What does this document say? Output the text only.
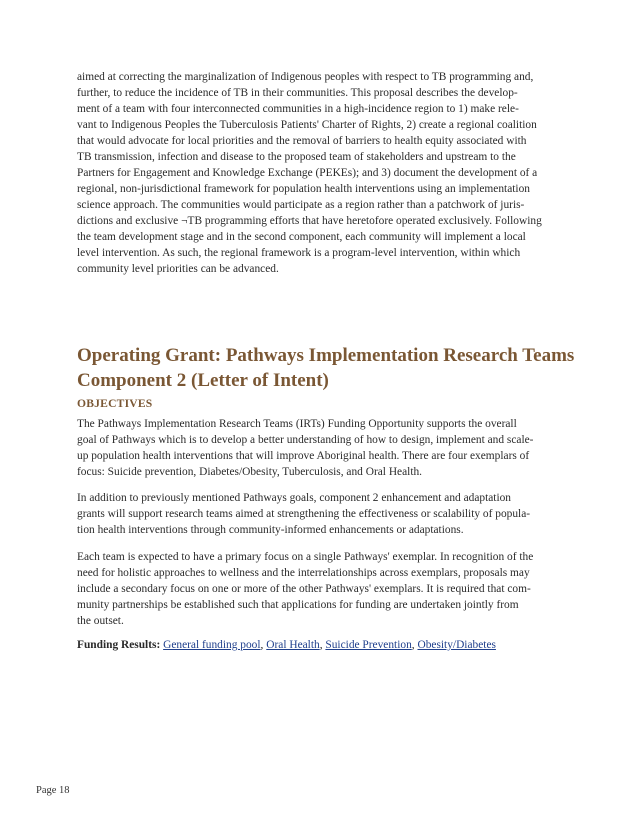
aimed at correcting the marginalization of Indigenous peoples with respect to TB programming and,
further, to reduce the incidence of TB in their communities. This proposal describes the develop-
ment of a team with four interconnected communities in a high-incidence region to 1) make rele-
vant to Indigenous Peoples the Tuberculosis Patients' Charter of Rights, 2) create a regional coalition
that would advocate for local priorities and the removal of barriers to health equity associated with
TB transmission, infection and disease to the proposed team of stakeholders and upstream to the
Partners for Engagement and Knowledge Exchange (PEKEs); and 3) document the development of a
regional, non-jurisdictional framework for population health interventions using an implementation
science approach. The communities would participate as a region rather than a patchwork of juris-
dictions and exclusive ¬TB programming efforts that have heretofore operated exclusively. Following
the team development stage and in the second component, each community will implement a local
level intervention. As such, the regional framework is a program-level intervention, within which
community level priorities can be advanced.
Operating Grant: Pathways Implementation Research Teams
Component 2 (Letter of Intent)
OBJECTIVES
The Pathways Implementation Research Teams (IRTs) Funding Opportunity supports the overall
goal of Pathways which is to develop a better understanding of how to design, implement and scale-
up population health interventions that will improve Aboriginal health. There are four exemplars of
focus: Suicide prevention, Diabetes/Obesity, Tuberculosis, and Oral Health.
In addition to previously mentioned Pathways goals, component 2 enhancement and adaptation
grants will support research teams aimed at strengthening the effectiveness or scalability of popula-
tion health interventions through community-informed enhancements or adaptations.
Each team is expected to have a primary focus on a single Pathways' exemplar. In recognition of the
need for holistic approaches to wellness and the interrelationships across exemplars, proposals may
include a secondary focus on one or more of the other Pathways' exemplars. It is required that com-
munity partnerships be established such that applications for funding are undertaken jointly from
the outset.
Funding Results: General funding pool, Oral Health, Suicide Prevention, Obesity/Diabetes
Page 18
